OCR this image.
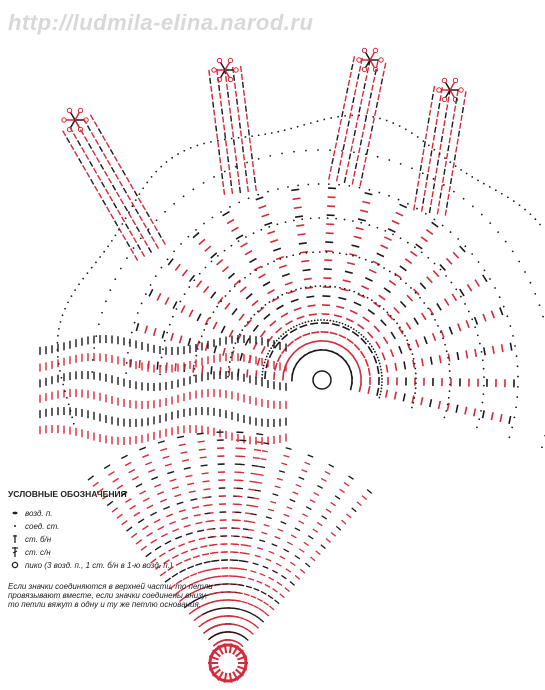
http://ludmila-elina.narod.ru
УСЛОВНЫЕ ОБОЗНАЧЕНИЯ
возд. п.
соед. ст.
ст. б/н
ст. с/н
пико (3 возд. п., 1 ст. б/н в 1-ю возд. п.)
Если значки соединяются в верхней части, то петли провязывают вместе, если значки соединены внизу, то петли вяжут в одну и ту же петлю основания.
